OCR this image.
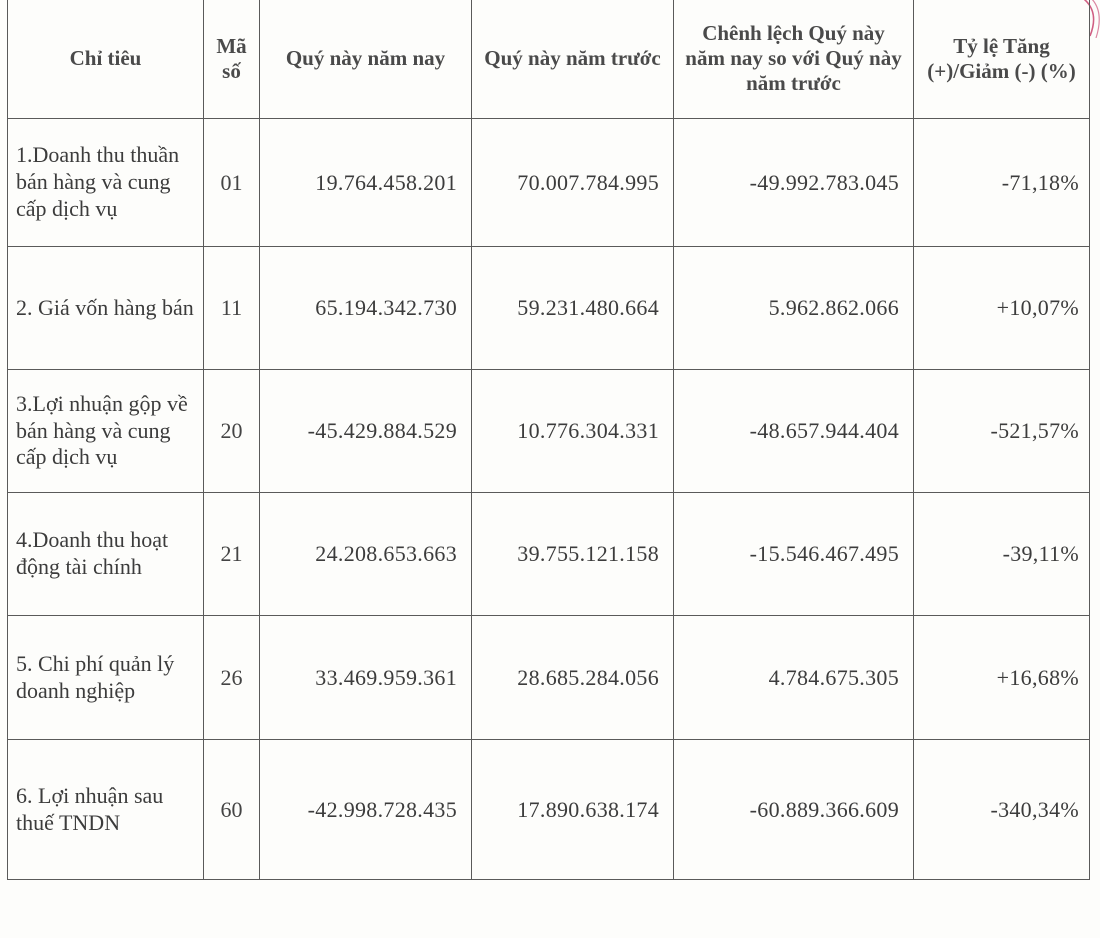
Chỉ tiêu	Mã số	Quý này năm nay	Quý này năm trước	Chênh lệch Quý này năm nay so với Quý này năm trước	Tỷ lệ Tăng (+)/Giảm (-) (%)

1.Doanh thu thuần bán hàng và cung cấp dịch vụ	01	19.764.458.201	70.007.784.995	-49.992.783.045	-71,18%
2. Giá vốn hàng bán	11	65.194.342.730	59.231.480.664	5.962.862.066	+10,07%
3.Lợi nhuận gộp về bán hàng và cung cấp dịch vụ	20	-45.429.884.529	10.776.304.331	-48.657.944.404	-521,57%
4.Doanh thu hoạt động tài chính	21	24.208.653.663	39.755.121.158	-15.546.467.495	-39,11%
5. Chi phí quản lý doanh nghiệp	26	33.469.959.361	28.685.284.056	4.784.675.305	+16,68%
6. Lợi nhuận sau thuế TNDN	60	-42.998.728.435	17.890.638.174	-60.889.366.609	-340,34%
